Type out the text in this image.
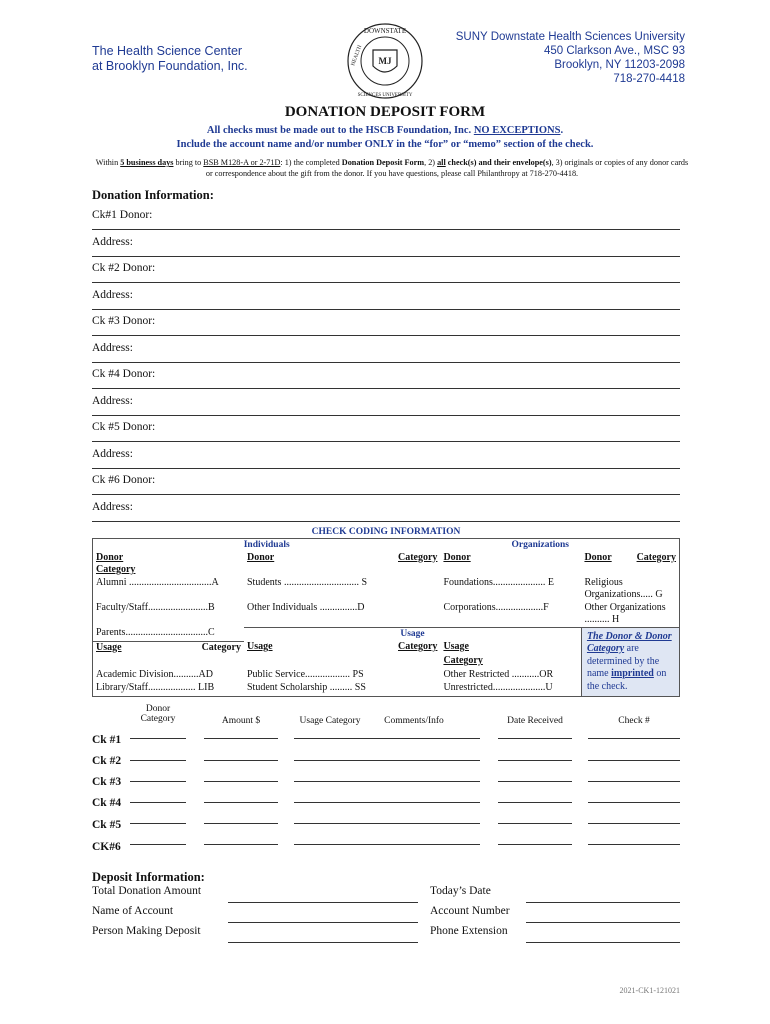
The Health Science Center
at Brooklyn Foundation, Inc.
DOWNSTATE
HEALTH
SCIENCES UNIVERSITY
MJ
SUNY Downstate Health Sciences University
450 Clarkson Ave., MSC 93
Brooklyn, NY 11203-2098
718-270-4418
DONATION DEPOSIT FORM
All checks must be made out to the HSCB Foundation, Inc. NO EXCEPTIONS.
Include the account name and/or number ONLY in the “for” or “memo” section of the check.
Within 5 business days bring to BSB M128-A or 2-71D: 1) the completed Donation Deposit Form, 2) all check(s) and their envelope(s), 3) originals or copies of any donor cards or correspondence about the gift from the donor. If you have questions, please call Philanthropy at 718-270-4418.
Donation Information:
Ck#1 Donor:
Address:
Ck #2 Donor:
Address:
Ck #3 Donor:
Address:
Ck #4 Donor:
Address:
Ck #5 Donor:
Address:
Ck #6 Donor:
Address:
CHECK CODING INFORMATION
Individuals			Organizations		
Donor	Donor	Category	Donor	Donor	Category
Category					
Alumni .................................A	Students .............................. S		Foundations..................... E	Religious Organizations..... G	
Faculty/Staff........................B	Other Individuals ...............D		Corporations...................F	Other Organizations .......... H	
Parents.................................C	Usage			The Donor & Donor Category are determined by the name imprinted on the check.	
Usage Category	Usage	Category	Usage		
			Category		
Academic Division..........AD	Public Service.................. PS		Other Restricted ...........OR		
Library/Staff................... LIB	Student Scholarship ......... SS		Unrestricted.....................U		
Donor Category	Amount $	Usage Category	Comments/Info	Date Received	Check #
Ck #1
Ck #2
Ck #3
Ck #4
Ck #5
CK#6
Deposit Information:
Total Donation Amount	Today’s Date
Name of Account	Account Number
Person Making Deposit	Phone Extension
2021-CK1-121021
